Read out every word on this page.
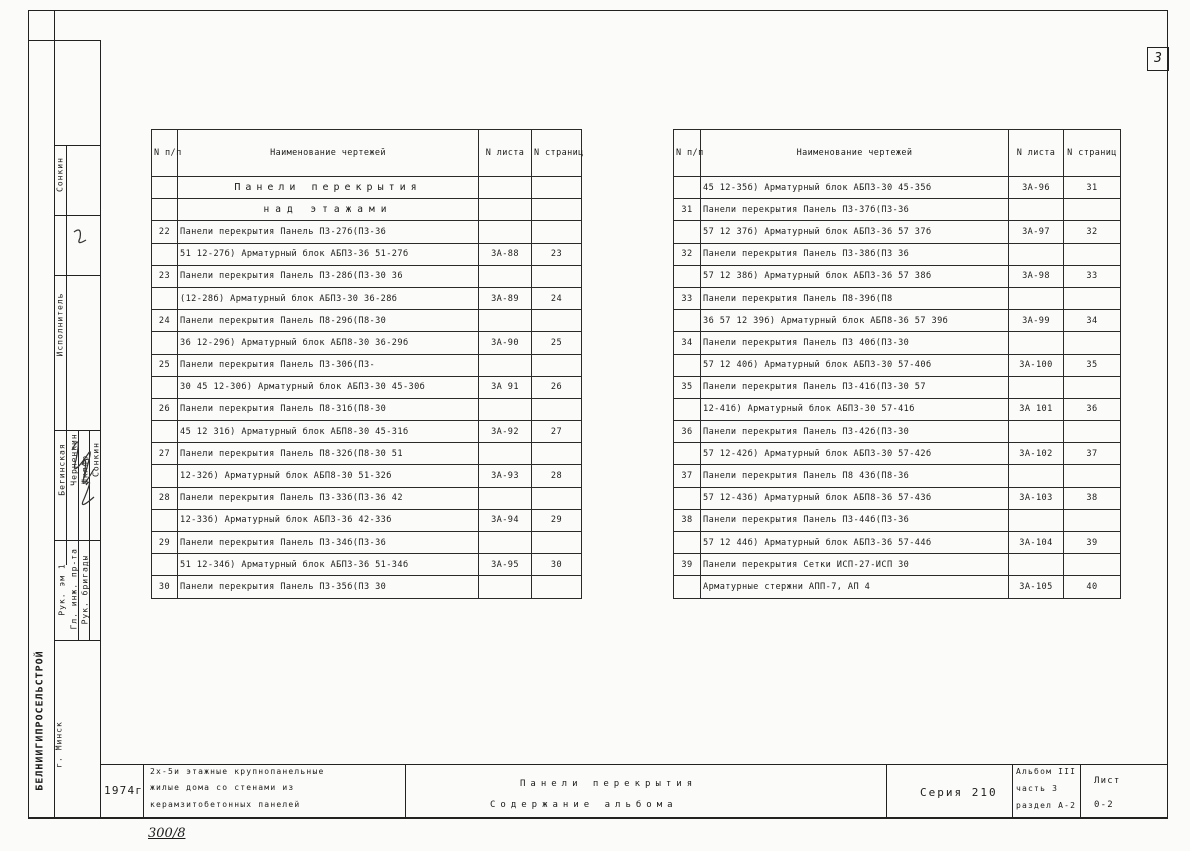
3
Сонкин
Исполнитель
Бегинская Черненкин Шкляр Сонкин
Рук. эм 1 Гл. инж. пр-та Рук. бригады
БЕЛНИИГИПРОСЕЛЬСТРОЙ г. Минск
N п/п	Наименование чертежей	N листа	N страниц
	Панели перекрытия		
	над этажами		
22	Панели перекрытия Панель П3-27б(П3-36		
	51 12-27б) Арматурный блок АБП3-36 51-27б	3А-88	23
23	Панели перекрытия Панель П3-28б(П3-30 36		
	(12-28б) Арматурный блок АБП3-30 36-28б	3А-89	24
24	Панели перекрытия Панель П8-29б(П8-30		
	36 12-29б) Арматурный блок АБП8-30 36-29б	3А-90	25
25	Панели перекрытия Панель П3-30б(П3-		
	30 45 12-30б) Арматурный блок АБП3-30 45-30б	3А 91	26
26	Панели перекрытия Панель П8-31б(П8-30		
	45 12 31б) Арматурный блок АБП8-30 45-31б	3А-92	27
27	Панели перекрытия Панель П8-32б(П8-30 51		
	12-32б) Арматурный блок АБП8-30 51-32б	3А-93	28
28	Панели перекрытия Панель П3-33б(П3-36 42		
	12-33б) Арматурный блок АБП3-36 42-33б	3А-94	29
29	Панели перекрытия Панель П3-34б(П3-36		
	51 12-34б) Арматурный блок АБП3-36 51-34б	3А-95	30
30	Панели перекрытия Панель П3-35б(П3 30		
N п/п	Наименование чертежей	N листа	N страниц
	45 12-35б) Арматурный блок АБП3-30 45-35б	3А-96	31
31	Панели перекрытия Панель П3-37б(П3-36		
	57 12 37б) Арматурный блок АБП3-36 57 37б	3А-97	32
32	Панели перекрытия Панель П3-38б(П3 36		
	57 12 38б) Арматурный блок АБП3-36 57 38б	3А-98	33
33	Панели перекрытия Панель П8-39б(П8		
	36 57 12 39б) Арматурный блок АБП8-36 57 39б	3А-99	34
34	Панели перекрытия Панель П3 40б(П3-30		
	57 12 40б) Арматурный блок АБП3-30 57-40б	3А-100	35
35	Панели перекрытия Панель П3-41б(П3-30 57		
	12-41б) Арматурный блок АБП3-30 57-41б	3А 101	36
36	Панели перекрытия Панель П3-42б(П3-30		
	57 12-42б) Арматурный блок АБП3-30 57-42б	3А-102	37
37	Панели перекрытия Панель П8 43б(П8-36		
	57 12-43б) Арматурный блок АБП8-36 57-43б	3А-103	38
38	Панели перекрытия Панель П3-44б(П3-36		
	57 12 44б) Арматурный блок АБП3-36 57-44б	3А-104	39
39	Панели перекрытия Сетки ИСП-27-ИСП 30		
	Арматурные стержни АПП-7, АП 4	3А-105	40
1974г
2х-5и этажные крупнопанельные
жилые дома со стенами из
керамзитобетонных панелей
Панели перекрытия
Содержание альбома
Серия 210
Альбом III
часть 3
раздел А-2
Лист
0-2
300/8
